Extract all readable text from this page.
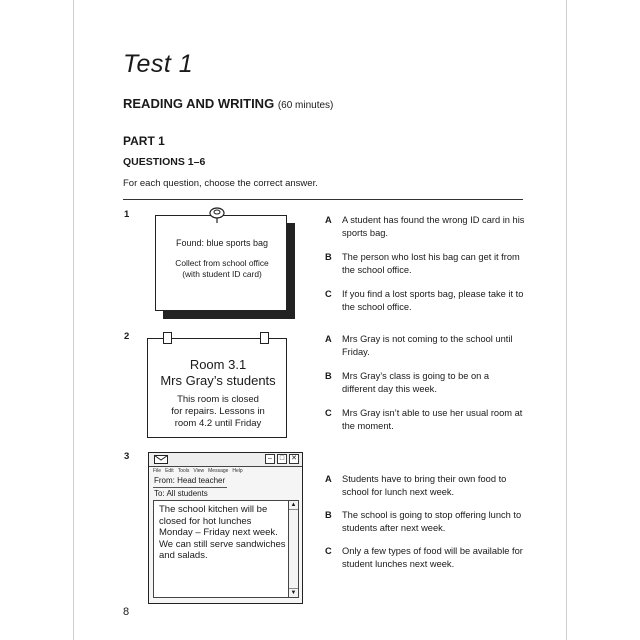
Test 1
READING AND WRITING (60 minutes)
PART 1
QUESTIONS 1–6
For each question, choose the correct answer.
1
Found: blue sports bag
Collect from school office
(with student ID card)
A A student has found the wrong ID card in his sports bag.
B The person who lost his bag can get it from the school office.
C If you find a lost sports bag, please take it to the school office.
2
Room 3.1
Mrs Gray’s students
This room is closed
for repairs. Lessons in
room 4.2 until Friday
A Mrs Gray is not coming to the school until Friday.
B Mrs Gray’s class is going to be on a different day this week.
C Mrs Gray isn’t able to use her usual room at the moment.
3	–	□ ✕
File Edit Tools View Message Help
From: Head teacher
To: All students
The school kitchen will be closed for hot lunches Monday – Friday next week. We can still serve sandwiches and salads.
▲
▼
A Students have to bring their own food to school for lunch next week.
B The school is going to stop offering lunch to students after next week.
C Only a few types of food will be available for student lunches next week.
8
